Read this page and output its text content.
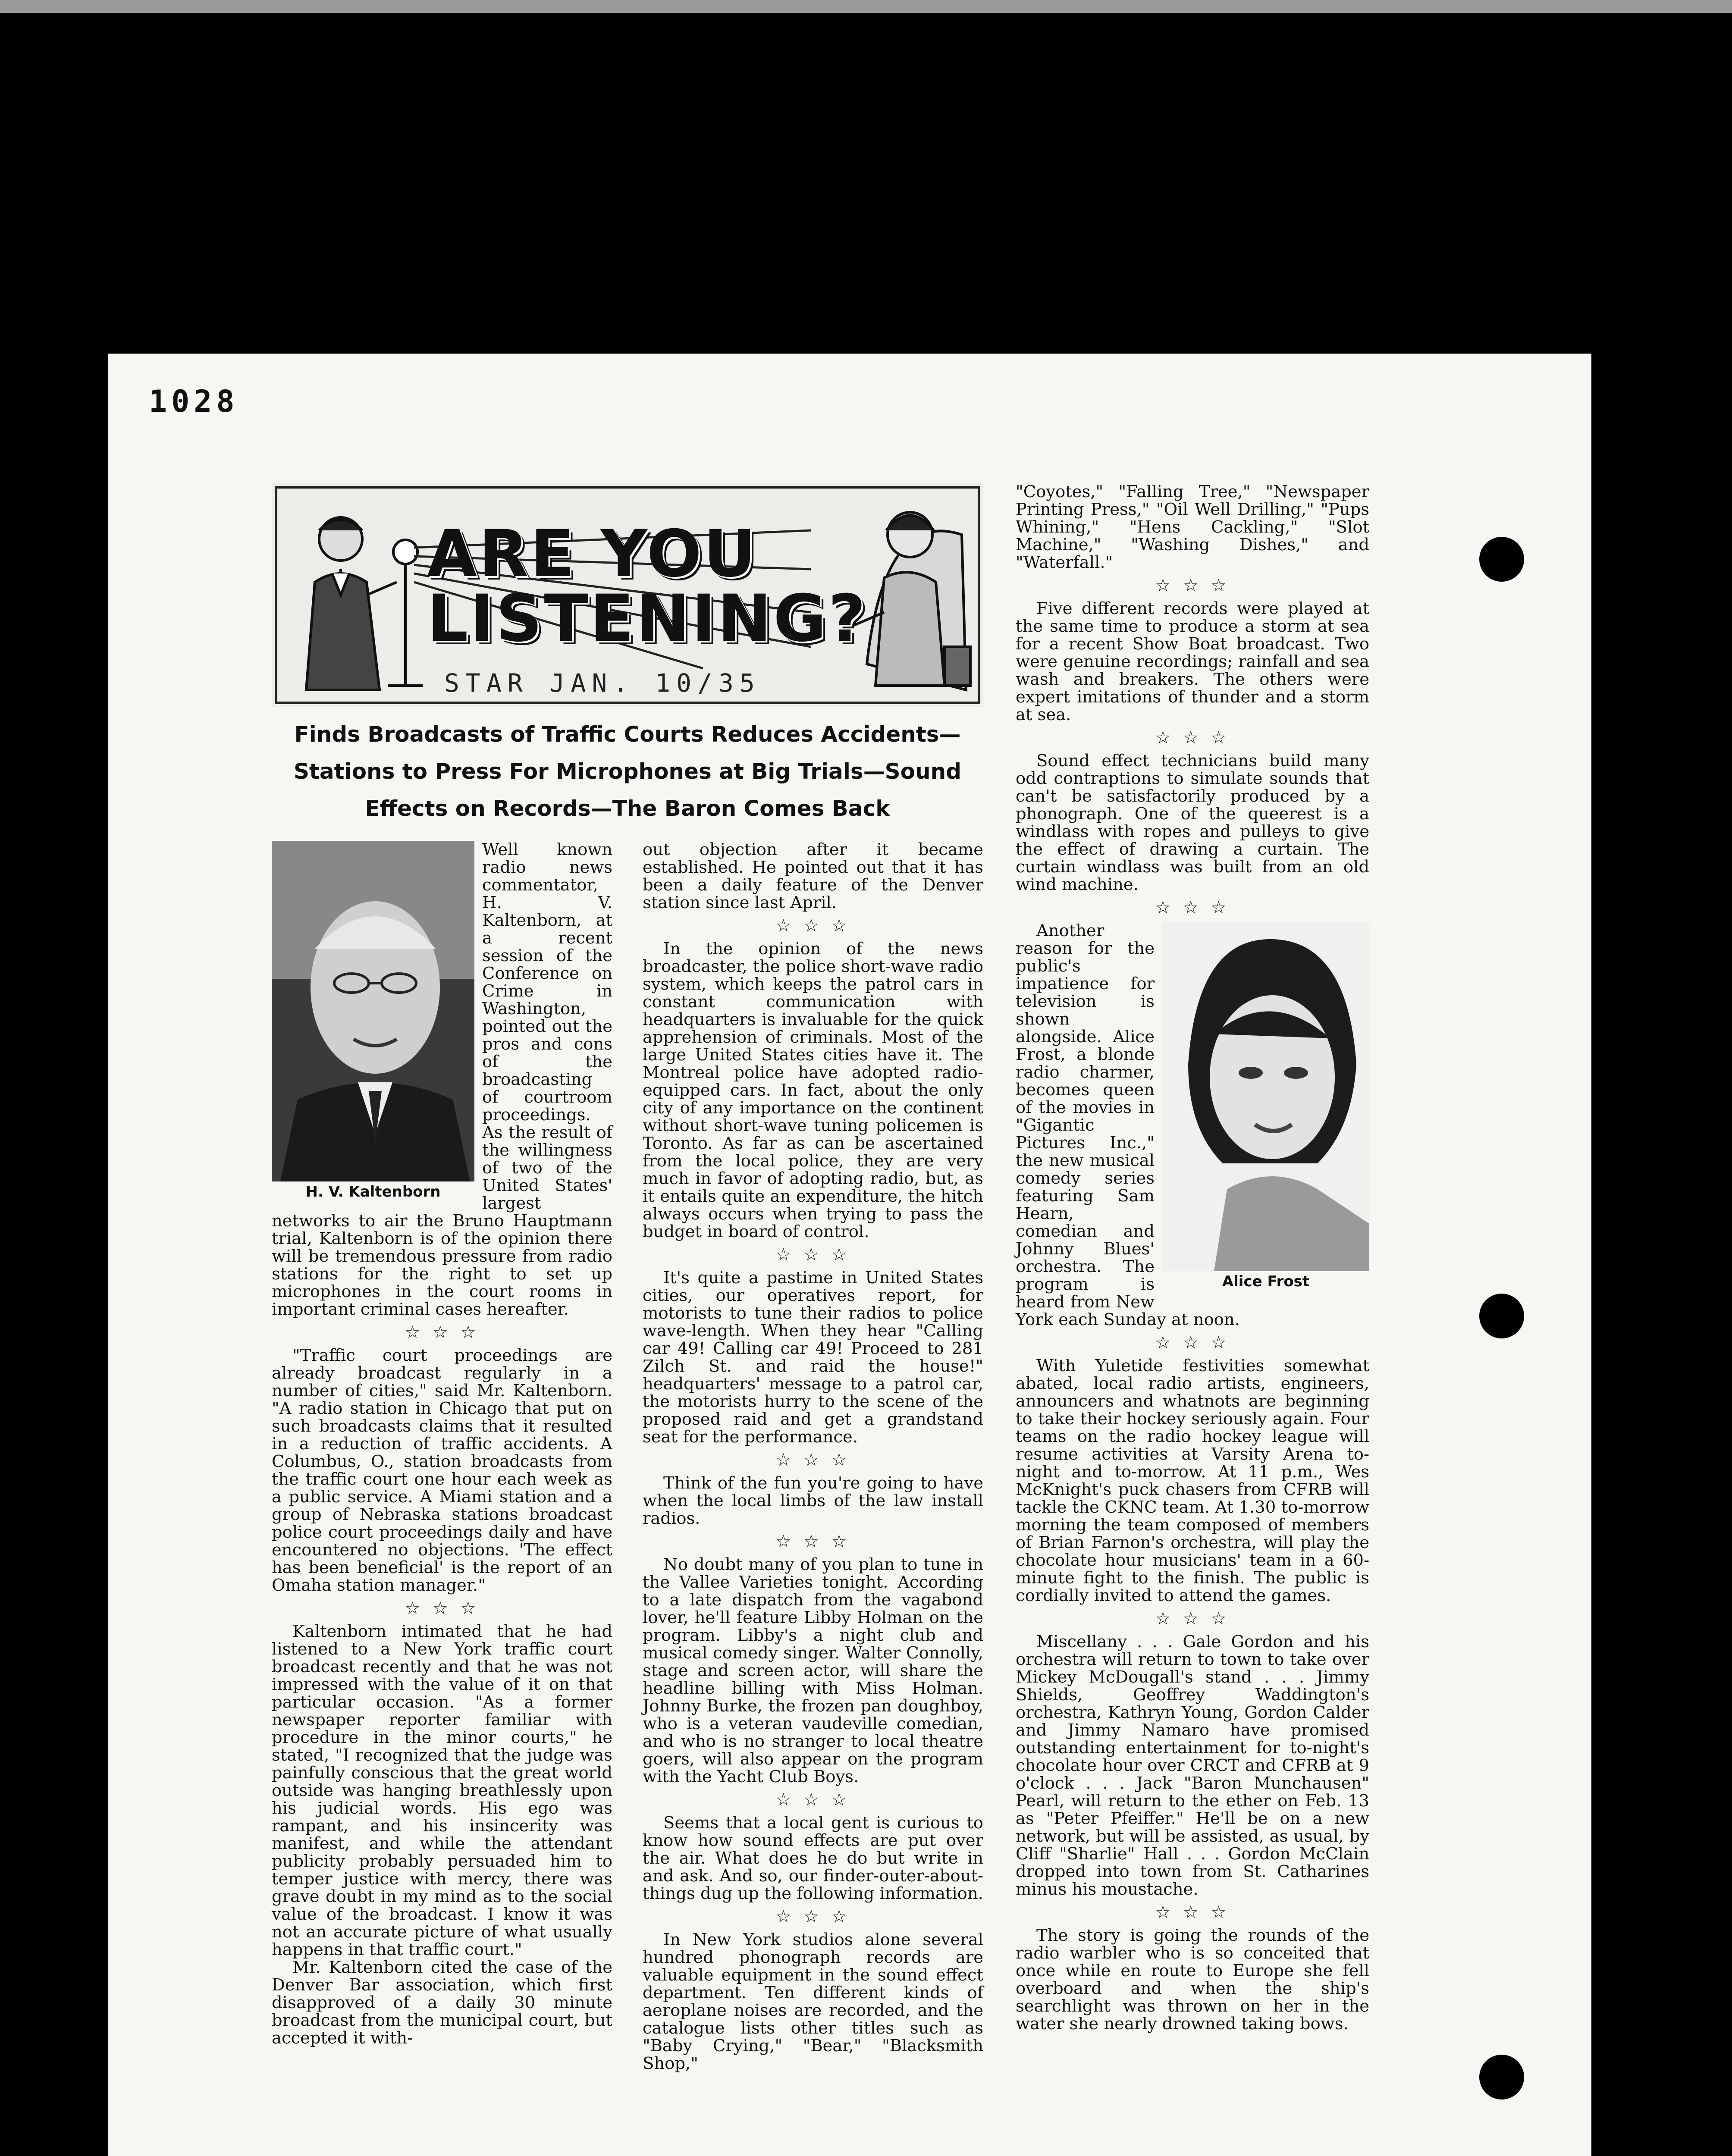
1028
ARE YOU
LISTENING?
STAR JAN. 10/35
Finds Broadcasts of Traffic Courts Reduces Accidents—
Stations to Press For Microphones at Big Trials—Sound
Effects on Records—The Baron Comes Back
H. V. Kaltenborn

Well known radio news commentator, H. V. Kaltenborn, at a recent session of the Conference on Crime in Washington, pointed out the pros and cons of the broadcasting of courtroom proceedings. As the result of the willingness of two of the United States' largest networks to air the Bruno Hauptmann trial, Kaltenborn is of the opinion there will be tremendous pressure from radio stations for the right to set up microphones in the court rooms in important criminal cases hereafter.

☆ ☆ ☆

"Traffic court proceedings are already broadcast regularly in a number of cities," said Mr. Kaltenborn. "A radio station in Chicago that put on such broadcasts claims that it resulted in a reduction of traffic accidents. A Columbus, O., station broadcasts from the traffic court one hour each week as a public service. A Miami station and a group of Nebraska stations broadcast police court proceedings daily and have encountered no objections. 'The effect has been beneficial' is the report of an Omaha station manager."

☆ ☆ ☆

Kaltenborn intimated that he had listened to a New York traffic court broadcast recently and that he was not impressed with the value of it on that particular occasion. "As a former newspaper reporter familiar with procedure in the minor courts," he stated, "I recognized that the judge was painfully conscious that the great world outside was hanging breathlessly upon his judicial words. His ego was rampant, and his insincerity was manifest, and while the attendant publicity probably persuaded him to temper justice with mercy, there was grave doubt in my mind as to the social value of the broadcast. I know it was not an accurate picture of what usually happens in that traffic court."

Mr. Kaltenborn cited the case of the Denver Bar association, which first disapproved of a daily 30 minute broadcast from the municipal court, but accepted it with-

out objection after it became established. He pointed out that it has been a daily feature of the Denver station since last April.

☆ ☆ ☆

In the opinion of the news broadcaster, the police short-wave radio system, which keeps the patrol cars in constant communication with headquarters is invaluable for the quick apprehension of criminals. Most of the large United States cities have it. The Montreal police have adopted radio-equipped cars. In fact, about the only city of any importance on the continent without short-wave tuning policemen is Toronto. As far as can be ascertained from the local police, they are very much in favor of adopting radio, but, as it entails quite an expenditure, the hitch always occurs when trying to pass the budget in board of control.

☆ ☆ ☆

It's quite a pastime in United States cities, our operatives report, for motorists to tune their radios to police wave-length. When they hear "Calling car 49! Calling car 49! Proceed to 281 Zilch St. and raid the house!" headquarters' message to a patrol car, the motorists hurry to the scene of the proposed raid and get a grandstand seat for the performance.

☆ ☆ ☆

Think of the fun you're going to have when the local limbs of the law install radios.

☆ ☆ ☆

No doubt many of you plan to tune in the Vallee Varieties tonight. According to a late dispatch from the vagabond lover, he'll feature Libby Holman on the program. Libby's a night club and musical comedy singer. Walter Connolly, stage and screen actor, will share the headline billing with Miss Holman. Johnny Burke, the frozen pan doughboy, who is a veteran vaudeville comedian, and who is no stranger to local theatre goers, will also appear on the program with the Yacht Club Boys.

☆ ☆ ☆

Seems that a local gent is curious to know how sound effects are put over the air. What does he do but write in and ask. And so, our finder-outer-about-things dug up the following information.

☆ ☆ ☆

In New York studios alone several hundred phonograph records are valuable equipment in the sound effect department. Ten different kinds of aeroplane noises are recorded, and the catalogue lists other titles such as "Baby Crying," "Bear," "Blacksmith Shop,"

"Coyotes," "Falling Tree," "Newspaper Printing Press," "Oil Well Drilling," "Pups Whining," "Hens Cackling," "Slot Machine," "Washing Dishes," and "Waterfall."

☆ ☆ ☆

Five different records were played at the same time to produce a storm at sea for a recent Show Boat broadcast. Two were genuine recordings; rainfall and sea wash and breakers. The others were expert imitations of thunder and a storm at sea.

☆ ☆ ☆

Sound effect technicians build many odd contraptions to simulate sounds that can't be satisfactorily produced by a phonograph. One of the queerest is a windlass with ropes and pulleys to give the effect of drawing a curtain. The curtain windlass was built from an old wind machine.

☆ ☆ ☆
Alice Frost

Another reason for the public's impatience for television is shown alongside. Alice Frost, a blonde radio charmer, becomes queen of the movies in "Gigantic Pictures Inc.," the new musical comedy series featuring Sam Hearn, comedian and Johnny Blues' orchestra. The program is heard from New York each Sunday at noon.

☆ ☆ ☆

With Yuletide festivities somewhat abated, local radio artists, engineers, announcers and whatnots are beginning to take their hockey seriously again. Four teams on the radio hockey league will resume activities at Varsity Arena to-night and to-morrow. At 11 p.m., Wes McKnight's puck chasers from CFRB will tackle the CKNC team. At 1.30 to-morrow morning the team composed of members of Brian Farnon's orchestra, will play the chocolate hour musicians' team in a 60-minute fight to the finish. The public is cordially invited to attend the games.

☆ ☆ ☆

Miscellany . . . Gale Gordon and his orchestra will return to town to take over Mickey McDougall's stand . . . Jimmy Shields, Geoffrey Waddington's orchestra, Kathryn Young, Gordon Calder and Jimmy Namaro have promised outstanding entertainment for to-night's chocolate hour over CRCT and CFRB at 9 o'clock . . . Jack "Baron Munchausen" Pearl, will return to the ether on Feb. 13 as "Peter Pfeiffer." He'll be on a new network, but will be assisted, as usual, by Cliff "Sharlie" Hall . . . Gordon McClain dropped into town from St. Catharines minus his moustache.

☆ ☆ ☆

The story is going the rounds of the radio warbler who is so conceited that once while en route to Europe she fell overboard and when the ship's searchlight was thrown on her in the water she nearly drowned taking bows.
